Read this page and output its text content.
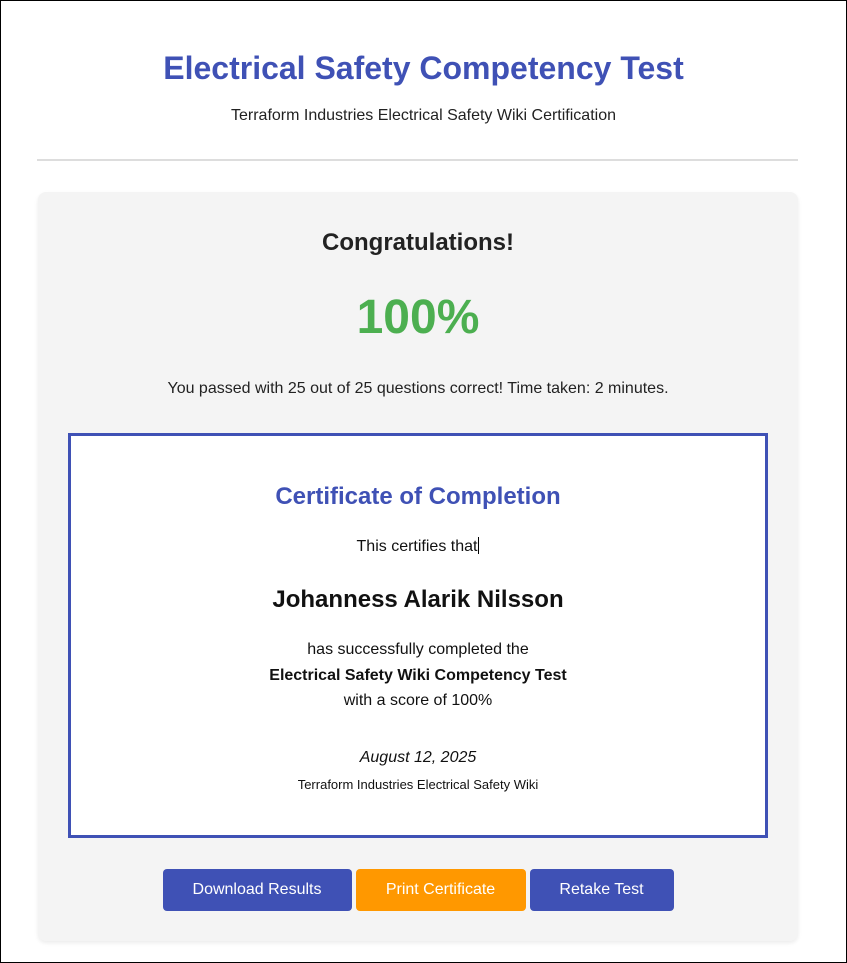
Electrical Safety Competency Test

Terraform Industries Electrical Safety Wiki Certification

Congratulations!
100%

You passed with 25 out of 25 questions correct! Time taken: 2 minutes.

Certificate of Completion

This certifies that

Johanness Alarik Nilsson

has successfully completed the

Electrical Safety Wiki Competency Test

with a score of 100%

August 12, 2025

Terraform Industries Electrical Safety Wiki

Download Results	Print Certificate	Retake Test
